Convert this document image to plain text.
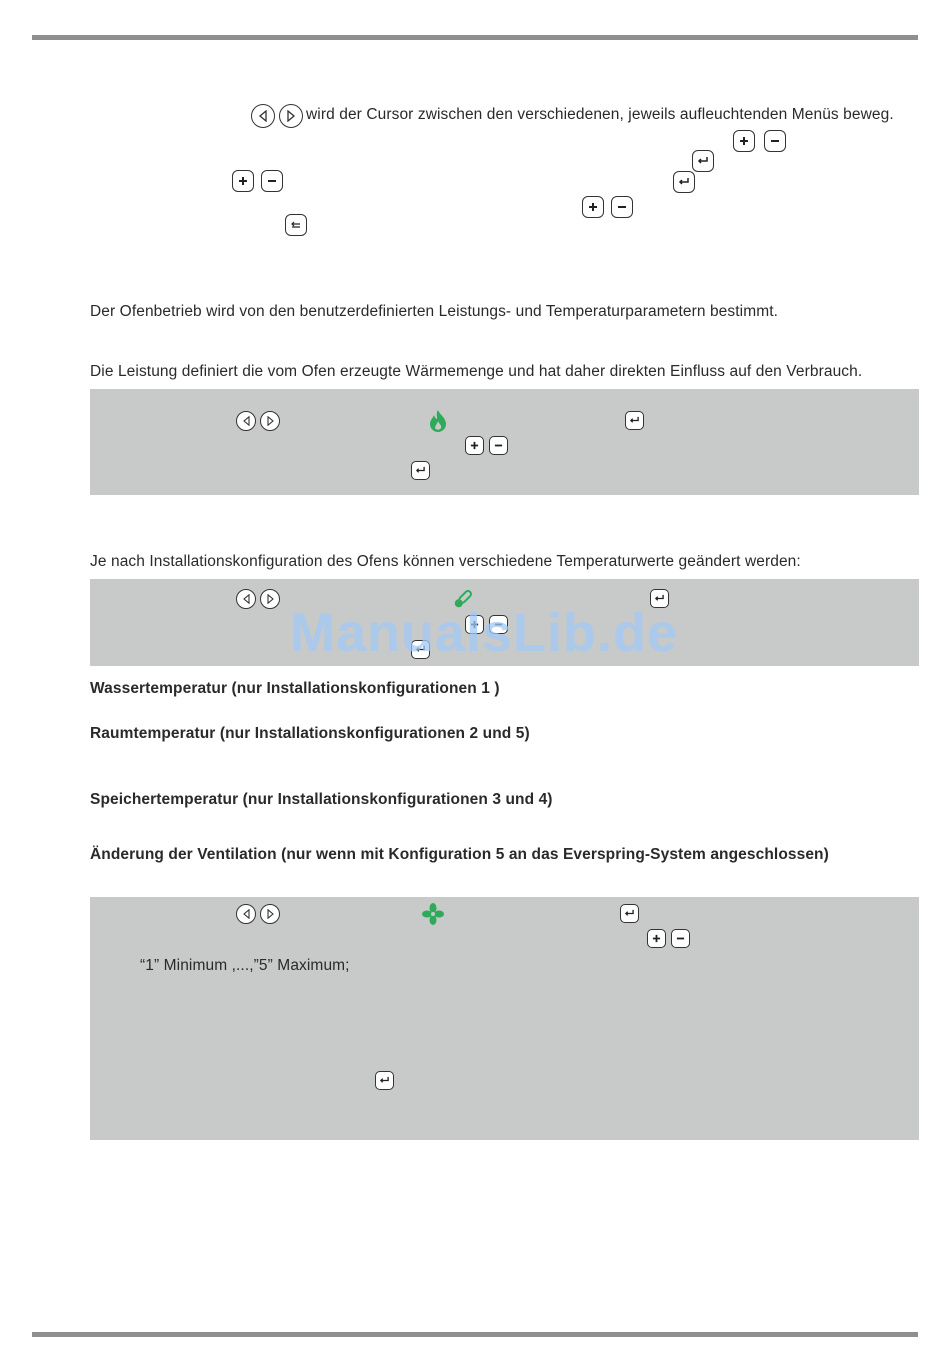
wird der Cursor zwischen den verschiedenen, jeweils aufleuchtenden Menüs beweg.
Der Ofenbetrieb wird von den benutzerdefinierten Leistungs- und Temperaturparametern bestimmt.
Die Leistung definiert die vom Ofen erzeugte Wärmemenge und hat daher direkten Einfluss auf den Verbrauch.
Je nach Installationskonfiguration des Ofens können verschiedene Temperaturwerte geändert werden:
ManualsLib.de
Wassertemperatur (nur Installationskonfigurationen 1 )
Raumtemperatur (nur Installationskonfigurationen 2 und 5)
Speichertemperatur (nur Installationskonfigurationen 3 und 4)
Änderung der Ventilation (nur wenn mit Konfiguration 5 an das Everspring-System angeschlossen)
“1” Minimum ,...,”5” Maximum;
